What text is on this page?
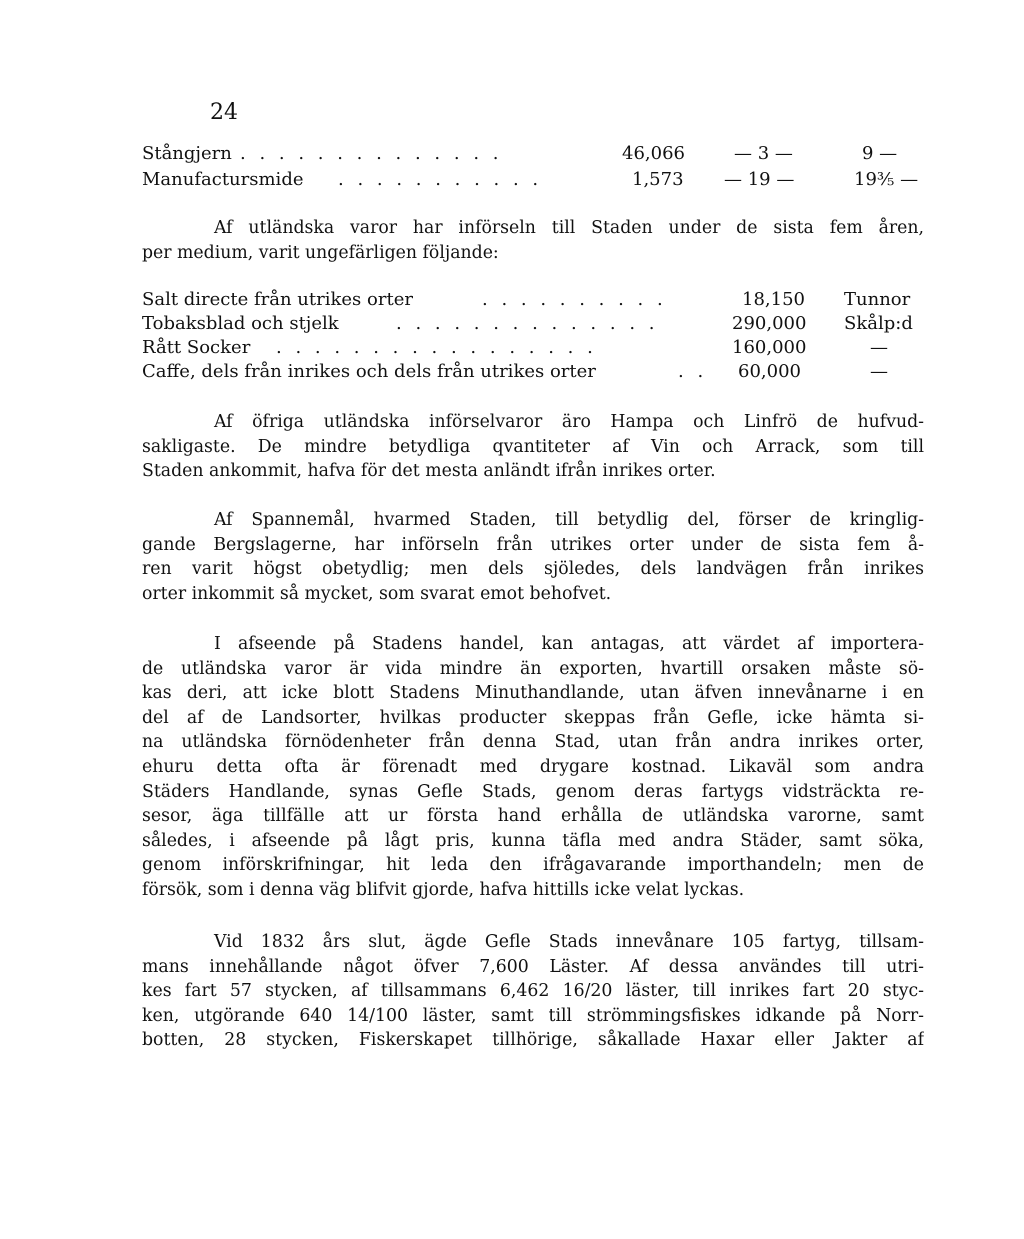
24
Stångjern . . . . . . . . . . . . . .	46,066	— 3 —	9 —
Manufactursmide . . . . . . . . . . .	1,573 — 19 —	19⅗ —
Af utländska varor har införseln till Staden under de sista fem åren,
per medium, varit ungefärligen följande:
Salt directe från utrikes orter	. . . . . . . . . .	18,150 Tunnor
Tobaksblad och stjelk	. . . . . . . . . . . . . .	290,000 Skålp:d
Rått Socker . . . . . . . . . . . . . . . . .	160,000	—
Caffe, dels från inrikes och dels från utrikes orter	. . 60,000	—
Af öfriga utländska införselvaror äro Hampa och Linfrö de hufvud-
sakligaste. De mindre betydliga qvantiteter af Vin och Arrack, som till
Staden ankommit, hafva för det mesta anländt ifrån inrikes orter.
Af Spannemål, hvarmed Staden, till betydlig del, förser de kringlig-
gande Bergslagerne, har införseln från utrikes orter under de sista fem å-
ren varit högst obetydlig; men dels sjöledes, dels landvägen från inrikes
orter inkommit så mycket, som svarat emot behofvet.
I afseende på Stadens handel, kan antagas, att värdet af importera-
de utländska varor är vida mindre än exporten, hvartill orsaken måste sö-
kas deri, att icke blott Stadens Minuthandlande, utan äfven innevånarne i en
del af de Landsorter, hvilkas producter skeppas från Gefle, icke hämta si-
na utländska förnödenheter från denna Stad, utan från andra inrikes orter,
ehuru detta ofta är förenadt med drygare kostnad. Likaväl som andra
Städers Handlande, synas Gefle Stads, genom deras fartygs vidsträckta re-
sesor, äga tillfälle att ur första hand erhålla de utländska varorne, samt
således, i afseende på lågt pris, kunna täfla med andra Städer, samt söka,
genom införskrifningar, hit leda den ifrågavarande importhandeln; men de
försök, som i denna väg blifvit gjorde, hafva hittills icke velat lyckas.
Vid 1832 års slut, ägde Gefle Stads innevånare 105 fartyg, tillsam-
mans innehållande något öfver 7,600 Läster. Af dessa användes till utri-
kes fart 57 stycken, af tillsammans 6,462 16/20 läster, till inrikes fart 20 styc-
ken, utgörande 640 14/100 läster, samt till strömmingsfiskes idkande på Norr-
botten, 28 stycken, Fiskerskapet tillhörige, såkallade Haxar eller Jakter af
